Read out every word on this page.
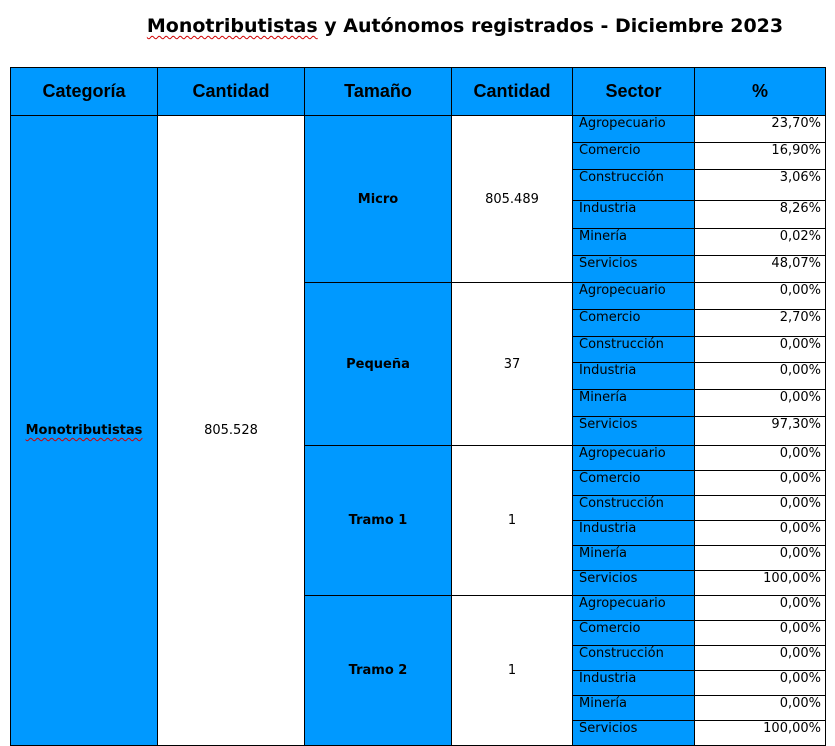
Monotributistas y Autónomos registrados - Diciembre 2023
Categoría	Cantidad	Tamaño	Cantidad	Sector	%
Monotributistas	805.528	Micro	805.489	Agropecuario	23,70%
				Comercio	16,90%
				Construcción	3,06%
				Industria	8,26%
				Minería	0,02%
				Servicios	48,07%
		Pequeña	37	Agropecuario	0,00%
				Comercio	2,70%
				Construcción	0,00%
				Industria	0,00%
				Minería	0,00%
				Servicios	97,30%
		Tramo 1	1	Agropecuario	0,00%
				Comercio	0,00%
				Construcción	0,00%
				Industria	0,00%
				Minería	0,00%
				Servicios	100,00%
		Tramo 2	1	Agropecuario	0,00%
				Comercio	0,00%
				Construcción	0,00%
				Industria	0,00%
				Minería	0,00%
				Servicios	100,00%
